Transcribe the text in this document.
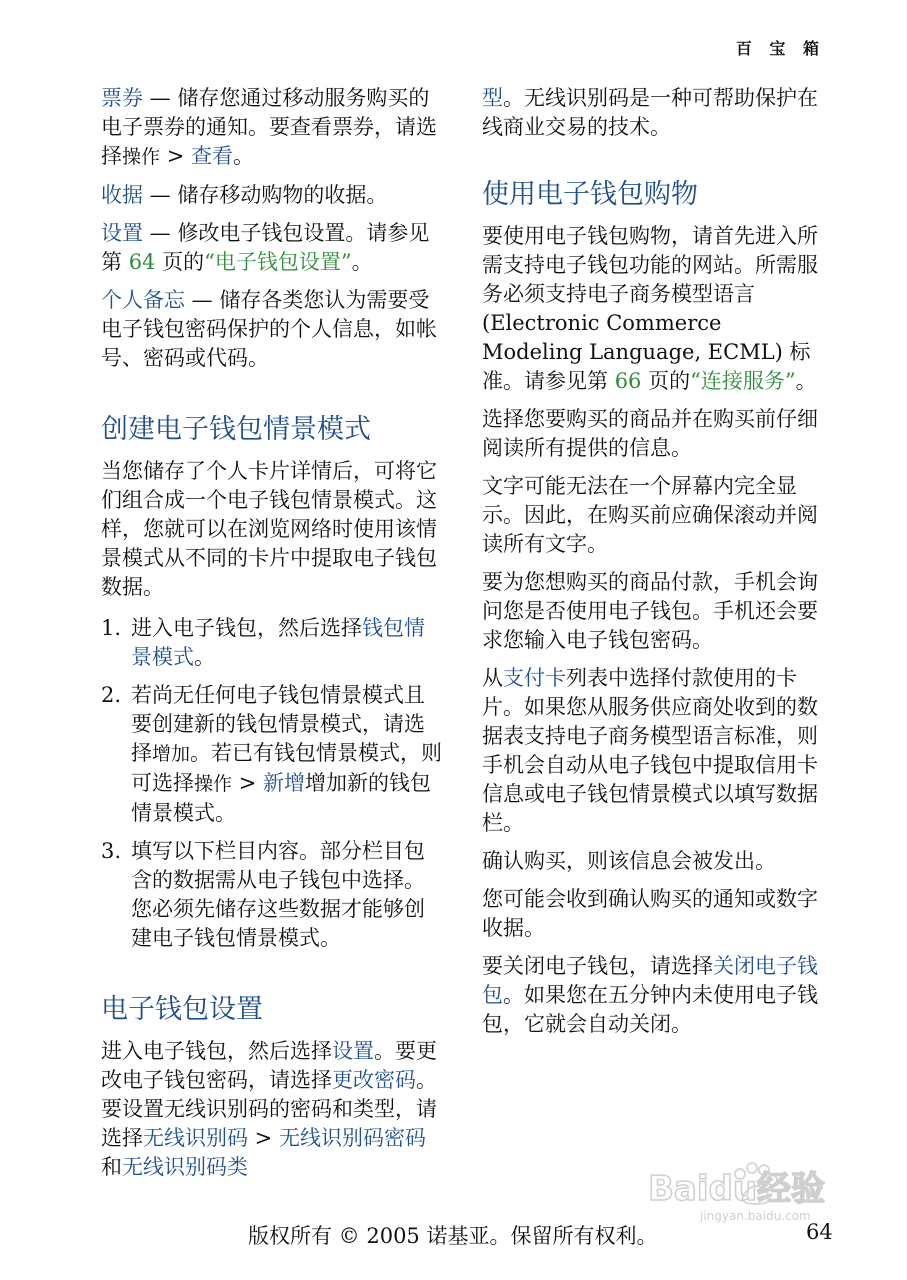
百 宝 箱

票券 — 储存您通过移动服务购买的电子票券的通知。要查看票券，请选择操作 > 查看。

收据 — 储存移动购物的收据。

设置 — 修改电子钱包设置。请参见第 64 页的“电子钱包设置”。

个人备忘 — 储存各类您认为需要受电子钱包密码保护的个人信息，如帐号、密码或代码。

创建电子钱包情景模式

当您储存了个人卡片详情后，可将它们组合成一个电子钱包情景模式。这样，您就可以在浏览网络时使用该情景模式从不同的卡片中提取电子钱包数据。

1. 进入电子钱包，然后选择钱包情景模式。
2. 若尚无任何电子钱包情景模式且要创建新的钱包情景模式，请选择增加。若已有钱包情景模式，则可选择操作 > 新增增加新的钱包情景模式。
3. 填写以下栏目内容。部分栏目包含的数据需从电子钱包中选择。您必须先储存这些数据才能够创建电子钱包情景模式。
电子钱包设置

进入电子钱包，然后选择设置。要更改电子钱包密码，请选择更改密码。要设置无线识别码的密码和类型，请选择无线识别码 > 无线识别码密码和无线识别码类

型。无线识别码是一种可帮助保护在线商业交易的技术。

使用电子钱包购物

要使用电子钱包购物，请首先进入所需支持电子钱包功能的网站。所需服务必须支持电子商务模型语言 (Electronic Commerce Modeling Language, ECML) 标准。请参见第 66 页的“连接服务”。

选择您要购买的商品并在购买前仔细阅读所有提供的信息。

文字可能无法在一个屏幕内完全显示。因此，在购买前应确保滚动并阅读所有文字。

要为您想购买的商品付款，手机会询问您是否使用电子钱包。手机还会要求您输入电子钱包密码。

从支付卡列表中选择付款使用的卡片。如果您从服务供应商处收到的数据表支持电子商务模型语言标准，则手机会自动从电子钱包中提取信用卡信息或电子钱包情景模式以填写数据栏。

确认购买，则该信息会被发出。

您可能会收到确认购买的通知或数字收据。

要关闭电子钱包，请选择关闭电子钱包。如果您在五分钟内未使用电子钱包，它就会自动关闭。

Baidu经验
jingyan.baidu.com
版权所有 © 2005 诺基亚。保留所有权利。	64
